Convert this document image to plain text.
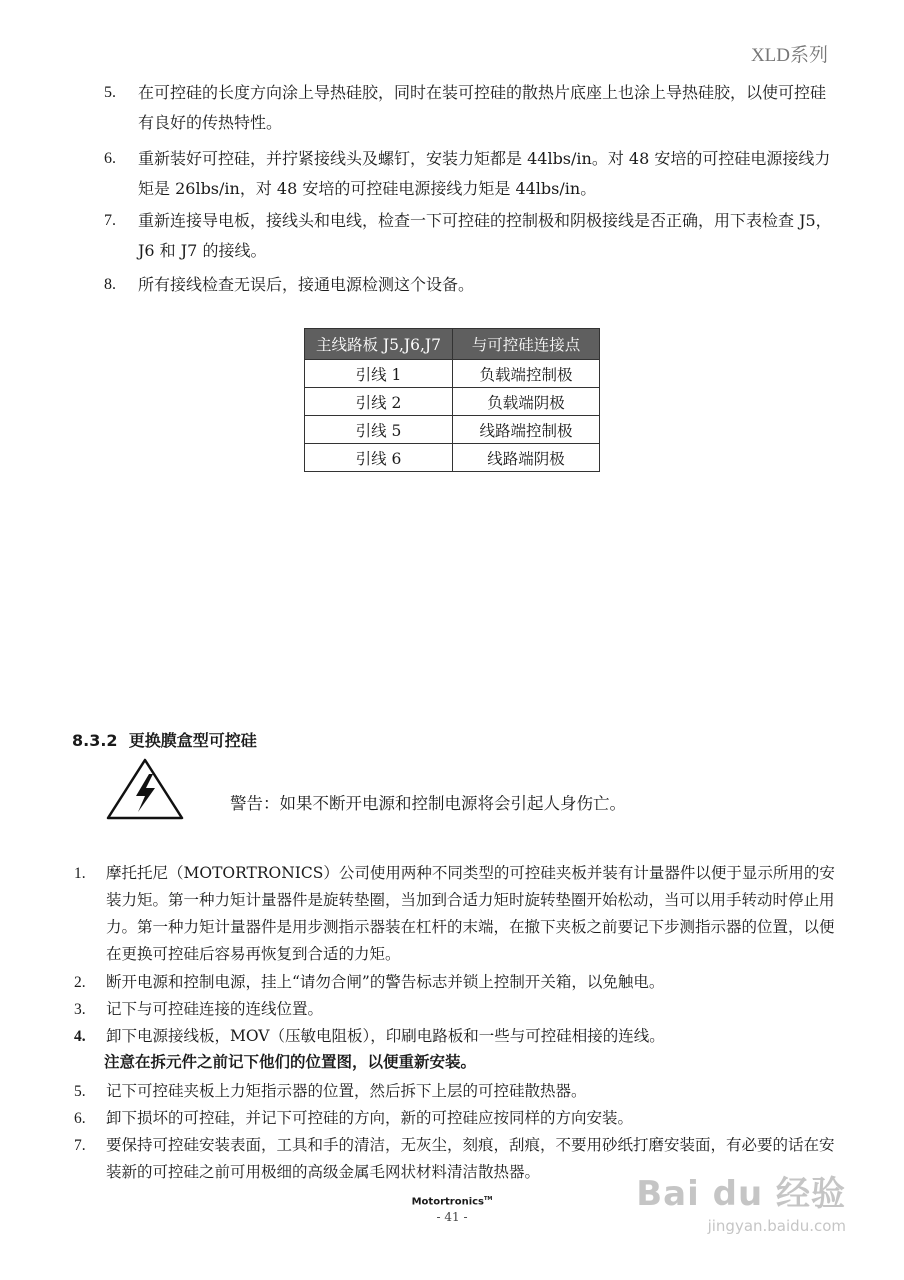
XLD系列
5.	在可控硅的长度方向涂上导热硅胶，同时在装可控硅的散热片底座上也涂上导热硅胶，以使可控硅有良好的传热特性。
6.	重新装好可控硅，并拧紧接线头及螺钉，安装力矩都是 44lbs/in。对 48 安培的可控硅电源接线力矩是 26lbs/in，对 48 安培的可控硅电源接线力矩是 44lbs/in。
7.	重新连接导电板，接线头和电线，检查一下可控硅的控制极和阴极接线是否正确，用下表检查 J5，J6 和 J7 的接线。
8.	所有接线检查无误后，接通电源检测这个设备。
主线路板 J5,J6,J7	与可控硅连接点
引线 1	负载端控制极
引线 2	负载端阴极
引线 5	线路端控制极
引线 6	线路端阴极
8.3.2 更换膜盒型可控硅
警告：如果不断开电源和控制电源将会引起人身伤亡。
1.	摩托托尼（MOTORTRONICS）公司使用两种不同类型的可控硅夹板并装有计量器件以便于显示所用的安装力矩。第一种力矩计量器件是旋转垫圈，当加到合适力矩时旋转垫圈开始松动，当可以用手转动时停止用力。第一种力矩计量器件是用步测指示器装在杠杆的末端，在撤下夹板之前要记下步测指示器的位置，以便在更换可控硅后容易再恢复到合适的力矩。
2.	断开电源和控制电源，挂上“请勿合闸”的警告标志并锁上控制开关箱，以免触电。
3.	记下与可控硅连接的连线位置。
4.	卸下电源接线板，MOV（压敏电阻板），印刷电路板和一些与可控硅相接的连线。
注意在拆元件之前记下他们的位置图，以便重新安装。
5.	记下可控硅夹板上力矩指示器的位置，然后拆下上层的可控硅散热器。
6.	卸下损坏的可控硅，并记下可控硅的方向，新的可控硅应按同样的方向安装。
7.	要保持可控硅安装表面，工具和手的清洁，无灰尘，刻痕，刮痕，不要用砂纸打磨安装面，有必要的话在安装新的可控硅之前可用极细的高级金属毛网状材料清洁散热器。
Bai du 经验
jingyan.baidu.com
Motortronics™
- 41 -
